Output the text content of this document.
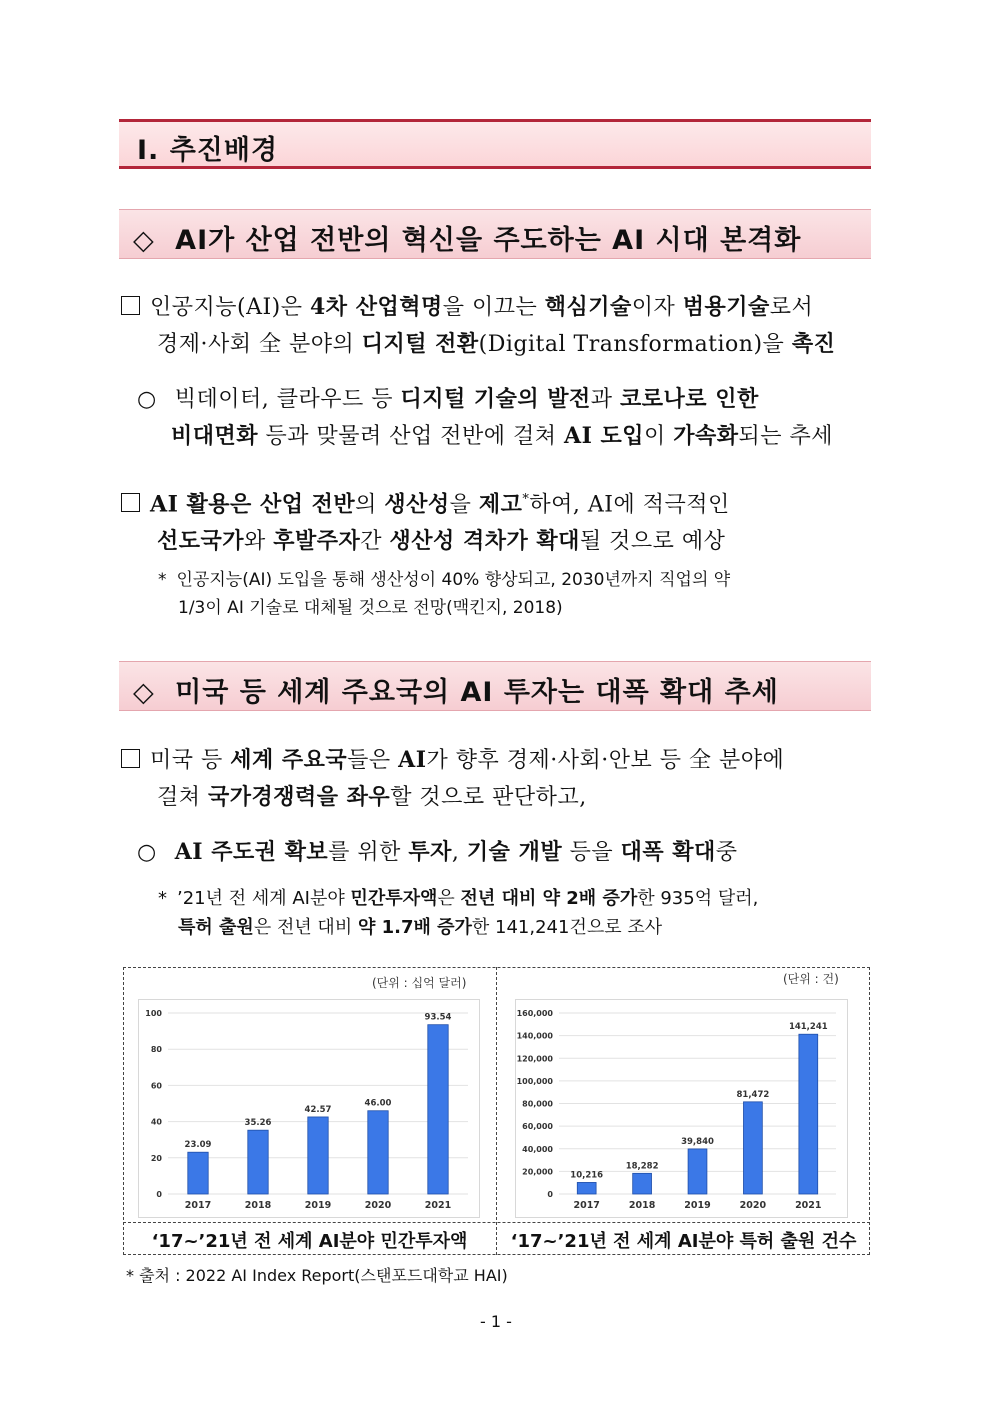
Ⅰ. 추진배경
◇ AI가 산업 전반의 혁신을 주도하는 AI 시대 본격화
인공지능(AI)은 4차 산업혁명을 이끄는 핵심기술이자 범용기술로서
경제·사회 全 분야의 디지털 전환(Digital Transformation)을 촉진
○ 빅데이터, 클라우드 등 디지털 기술의 발전과 코로나로 인한
비대면화 등과 맞물려 산업 전반에 걸쳐 AI 도입이 가속화되는 추세
AI 활용은 산업 전반의 생산성을 제고*하여, AI에 적극적인
선도국가와 후발주자간 생산성 격차가 확대될 것으로 예상
* 인공지능(AI) 도입을 통해 생산성이 40% 향상되고, 2030년까지 직업의 약
1/3이 AI 기술로 대체될 것으로 전망(맥킨지, 2018)
◇ 미국 등 세계 주요국의 AI 투자는 대폭 확대 추세
미국 등 세계 주요국들은 AI가 향후 경제·사회·안보 등 全 분야에
걸쳐 국가경쟁력을 좌우할 것으로 판단하고,
○ AI 주도권 확보를 위한 투자, 기술 개발 등을 대폭 확대중
* ’21년 전 세계 AI분야 민간투자액은 전년 대비 약 2배 증가한 935억 달러,
특허 출원은 전년 대비 약 1.7배 증가한 141,241건으로 조사
(단위 : 십억 달러)
0
20
40
60
80
100
23.09
2017
35.26
2018
42.57
2019
46.00
2020
93.54
2021
‘17~’21년 전 세계 AI분야 민간투자액
(단위 : 건)
0
20,000
40,000
60,000
80,000
100,000
120,000
140,000
160,000
10,216
2017
18,282
2018
39,840
2019
81,472
2020
141,241
2021
‘17~’21년 전 세계 AI분야 특허 출원 건수
* 출처 : 2022 AI Index Report(스탠포드대학교 HAI)
- 1 -
